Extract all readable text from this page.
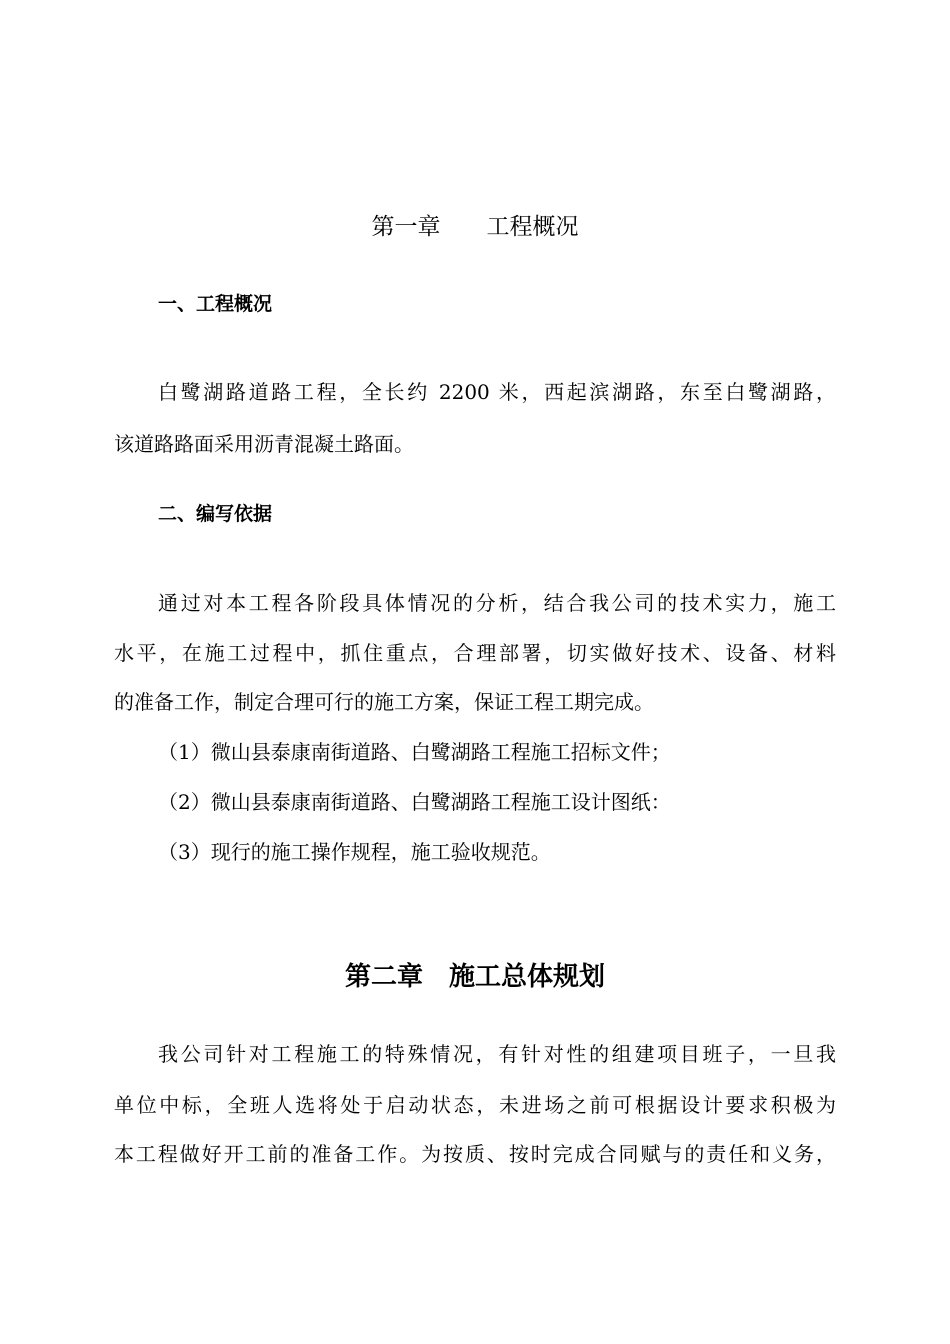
第一章　　工程概况
一、工程概况
白鹭湖路道路工程，全长约 2200 米，西起滨湖路，东至白鹭湖路，
该道路路面采用沥青混凝土路面。
二、编写依据
通过对本工程各阶段具体情况的分析，结合我公司的技术实力，施工
水平，在施工过程中，抓住重点，合理部署，切实做好技术、设备、材料
的准备工作，制定合理可行的施工方案，保证工程工期完成。
（1）微山县泰康南街道路、白鹭湖路工程施工招标文件；
（2）微山县泰康南街道路、白鹭湖路工程施工设计图纸：
（3）现行的施工操作规程，施工验收规范。
第二章　施工总体规划
我公司针对工程施工的特殊情况，有针对性的组建项目班子，一旦我
单位中标，全班人选将处于启动状态，未进场之前可根据设计要求积极为
本工程做好开工前的准备工作。为按质、按时完成合同赋与的责任和义务，
